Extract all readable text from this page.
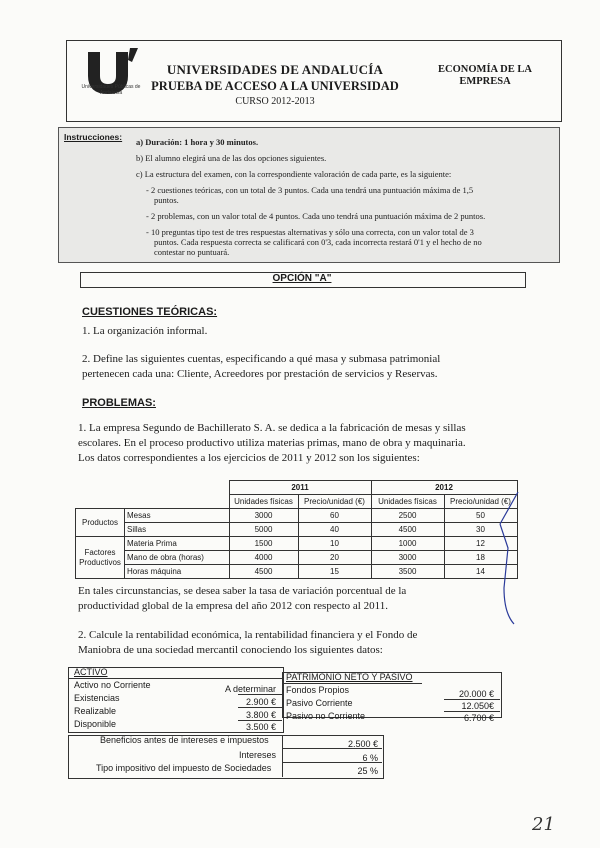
Universidades Públicas de Andalucía
UNIVERSIDADES DE ANDALUCÍA
PRUEBA DE ACCESO A LA UNIVERSIDAD
CURSO 2012-2013
ECONOMÍA DE LA
EMPRESA
Instrucciones: a) Duración: 1 hora y 30 minutos.
b) El alumno elegirá una de las dos opciones siguientes.
c) La estructura del examen, con la correspondiente valoración de cada parte, es la siguiente:
- 2 cuestiones teóricas, con un total de 3 puntos. Cada una tendrá una puntuación máxima de 1,5
puntos.
- 2 problemas, con un valor total de 4 puntos. Cada uno tendrá una puntuación máxima de 2 puntos.
- 10 preguntas tipo test de tres respuestas alternativas y sólo una correcta, con un valor total de 3
puntos. Cada respuesta correcta se calificará con 0'3, cada incorrecta restará 0'1 y el hecho de no
contestar no puntuará.
OPCIÓN "A"
CUESTIONES TEÓRICAS:
1. La organización informal.
2. Define las siguientes cuentas, especificando a qué masa y submasa patrimonial
pertenecen cada una: Cliente, Acreedores por prestación de servicios y Reservas.
PROBLEMAS:
1. La empresa Segundo de Bachillerato S. A. se dedica a la fabricación de mesas y sillas
escolares. En el proceso productivo utiliza materias primas, mano de obra y maquinaria.
Los datos correspondientes a los ejercicios de 2011 y 2012 son los siguientes:
		2011		2012	
		Unidades físicas	Precio/unidad (€)	Unidades físicas	Precio/unidad (€)
Productos	Mesas	3000	60	2500	50
	Sillas	5000	40	4500	30
Factores Productivos	Materia Prima	1500	10	1000	12
	Mano de obra (horas)	4000	20	3000	18
	Horas máquina	4500	15	3500	14
En tales circunstancias, se desea saber la tasa de variación porcentual de la
productividad global de la empresa del año 2012 con respecto al 2011.
2. Calcule la rentabilidad económica, la rentabilidad financiera y el Fondo de
Maniobra de una sociedad mercantil conociendo los siguientes datos:
ACTIVO
Activo no Corriente	A determinar
Existencias	2.900 €
Realizable	3.800 €
Disponible	3.500 €
PATRIMONIO NETO Y PASIVO
Fondos Propios	20.000 €
Pasivo Corriente	12.050€
Pasivo no Corriente	6.700 €
Beneficios antes de intereses e impuestos	2.500 €
Intereses	6 %
Tipo impositivo del impuesto de Sociedades	25 %
21
